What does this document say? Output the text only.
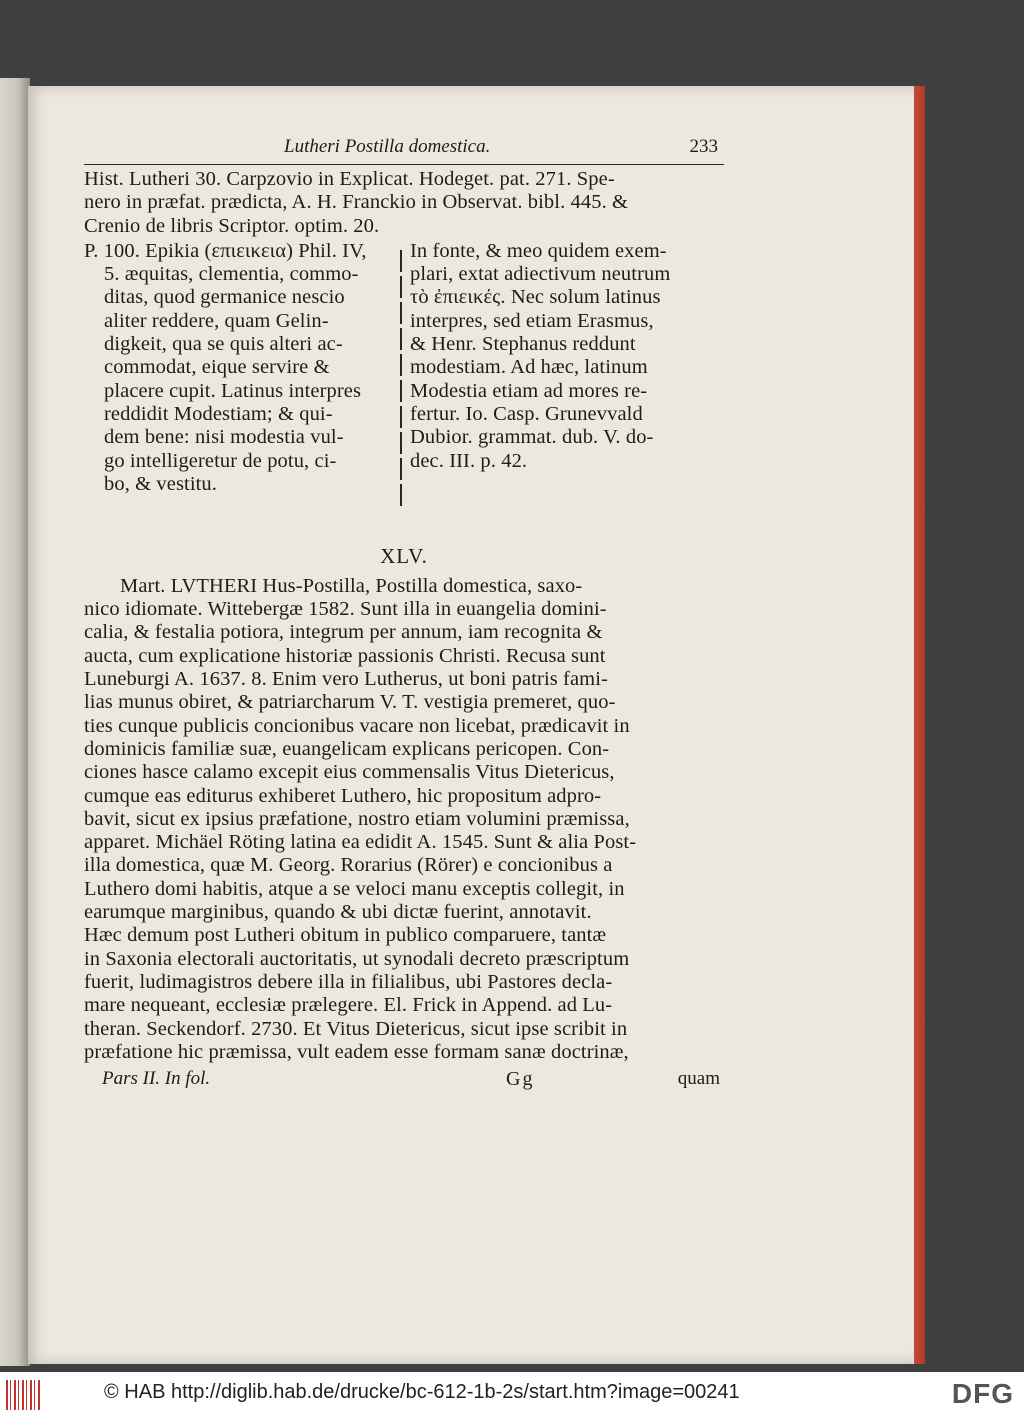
Lutheri Postilla domestica.	233
Hist. Lutheri 30. Carpzovio in Explicat. Hodeget. pat. 271. Spe-
nero in præfat. prædicta, A. H. Franckio in Observat. bibl. 445. &
Crenio de libris Scriptor. optim. 20.
P. 100. Epikia (επιεικεια) Phil. IV,
5. æquitas, clementia, commo-
ditas, quod germanice nescio
aliter reddere, quam Gelin-
digkeit, qua se quis alteri ac-
commodat, eique servire &
placere cupit. Latinus interpres
reddidit Modestiam; & qui-
dem bene: nisi modestia vul-
go intelligeretur de potu, ci-
bo, & vestitu.
In fonte, & meo quidem exem-
plari, extat adiectivum neutrum
τὸ ἐπιεικές. Nec solum latinus
interpres, sed etiam Erasmus,
& Henr. Stephanus reddunt
modestiam. Ad hæc, latinum
Modestia etiam ad mores re-
fertur. Io. Casp. Grunevvald
Dubior. grammat. dub. V. do-
dec. III. p. 42.
XLV.
Mart. LVTHERI Hus-Postilla, Postilla domestica, saxo-
nico idiomate. Wittebergæ 1582. Sunt illa in euangelia domini-
calia, & festalia potiora, integrum per annum, iam recognita &
aucta, cum explicatione historiæ passionis Christi. Recusa sunt
Luneburgi A. 1637. 8. Enim vero Lutherus, ut boni patris fami-
lias munus obiret, & patriarcharum V. T. vestigia premeret, quo-
ties cunque publicis concionibus vacare non licebat, prædicavit in
dominicis familiæ suæ, euangelicam explicans pericopen. Con-
ciones hasce calamo excepit eius commensalis Vitus Dietericus,
cumque eas editurus exhiberet Luthero, hic propositum adpro-
bavit, sicut ex ipsius præfatione, nostro etiam volumini præmissa,
apparet. Michäel Röting latina ea edidit A. 1545. Sunt & alia Post-
illa domestica, quæ M. Georg. Rorarius (Rörer) e concionibus a
Luthero domi habitis, atque a se veloci manu exceptis collegit, in
earumque marginibus, quando & ubi dictæ fuerint, annotavit.
Hæc demum post Lutheri obitum in publico comparuere, tantæ
in Saxonia electorali auctoritatis, ut synodali decreto præscriptum
fuerit, ludimagistros debere illa in filialibus, ubi Pastores decla-
mare nequeant, ecclesiæ prælegere. El. Frick in Append. ad Lu-
theran. Seckendorf. 2730. Et Vitus Dietericus, sicut ipse scribit in
præfatione hic præmissa, vult eadem esse formam sanæ doctrinæ,
Pars II. In fol.	Gg	quam
© HAB http://diglib.hab.de/drucke/bc-612-1b-2s/start.htm?image=00241	DFG
